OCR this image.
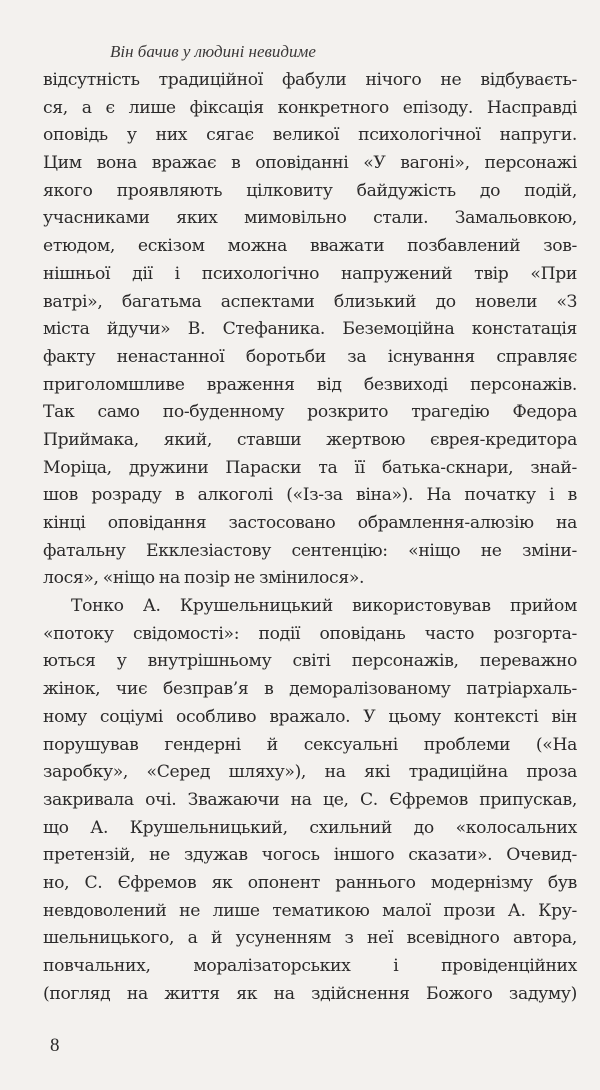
Він бачив у людині невидиме
відсутність традиційної фабули нічого не відбуваєть-
ся, а є лише фіксація конкретного епізоду. Насправді
оповідь у них сягає великої психологічної напруги.
Цим вона вражає в оповіданні «У вагоні», персонажі
якого проявляють цілковиту байдужість до подій,
учасниками яких мимовільно стали. Замальовкою,
етюдом, ескізом можна вважати позбавлений зов-
нішньої дії і психологічно напружений твір «При
ватрі», багатьма аспектами близький до новели «З
міста йдучи» В. Стефаника. Беземоційна констатація
факту ненастанної боротьби за існування справляє
приголомшливе враження від безвиході персонажів.
Так само по-буденному розкрито трагедію Федора
Приймака, який, ставши жертвою єврея-кредитора
Моріца, дружини Параски та її батька-скнари, знай-
шов розраду в алкоголі («Із-за віна»). На початку і в
кінці оповідання застосовано обрамлення-алюзію на
фатальну Екклезіастову сентенцію: «ніщо не зміни-
лося», «ніщо на позір не змінилося».
Тонко А. Крушельницький використовував прийом
«потоку свідомості»: події оповідань часто розгорта-
ються у внутрішньому світі персонажів, переважно
жінок, чиє безправ’я в деморалізованому патріархаль-
ному соціумі особливо вражало. У цьому контексті він
порушував гендерні й сексуальні проблеми («На
заробку», «Серед шляху»), на які традиційна проза
закривала очі. Зважаючи на це, С. Єфремов припускав,
що А. Крушельницький, схильний до «колосальних
претензій, не здужав чогось іншого сказати». Очевид-
но, С. Єфремов як опонент раннього модернізму був
невдоволений не лише тематикою малої прози А. Кру-
шельницького, а й усуненням з неї всевідного автора,
повчальних, моралізаторських і провіденційних
(погляд на життя як на здійснення Божого задуму)
8
